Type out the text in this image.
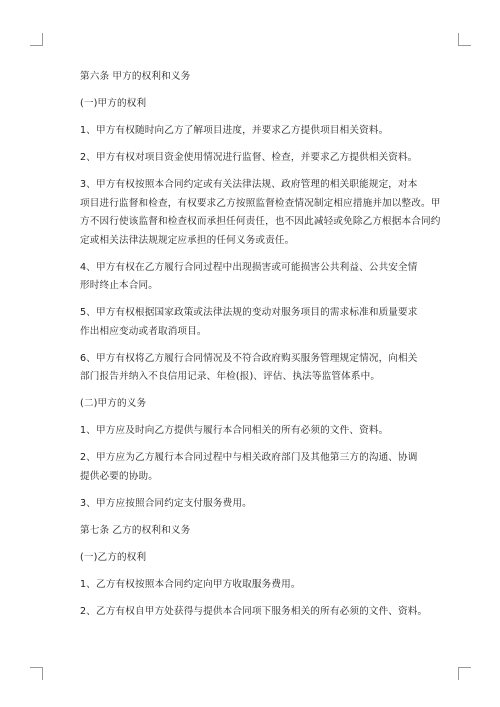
第六条 甲方的权利和义务

(一)甲方的权利

1、甲方有权随时向乙方了解项目进度，并要求乙方提供项目相关资料。

2、甲方有权对项目资金使用情况进行监督、检查，并要求乙方提供相关资料。

3、甲方有权按照本合同约定或有关法律法规、政府管理的相关职能规定，对本

项目进行监督和检查，有权要求乙方按照监督检查情况制定相应措施并加以整改。甲

方不因行使该监督和检查权而承担任何责任，也不因此减轻或免除乙方根据本合同约

定或相关法律法规规定应承担的任何义务或责任。

4、甲方有权在乙方履行合同过程中出现损害或可能损害公共利益、公共安全情

形时终止本合同。

5、甲方有权根据国家政策或法律法规的变动对服务项目的需求标准和质量要求

作出相应变动或者取消项目。

6、甲方有权将乙方履行合同情况及不符合政府购买服务管理规定情况，向相关

部门报告并纳入不良信用记录、年检(报)、评估、执法等监管体系中。

(二)甲方的义务

1、甲方应及时向乙方提供与履行本合同相关的所有必须的文件、资料。

2、甲方应为乙方履行本合同过程中与相关政府部门及其他第三方的沟通、协调

提供必要的协助。

3、甲方应按照合同约定支付服务费用。

第七条 乙方的权利和义务

(一)乙方的权利

1、乙方有权按照本合同约定向甲方收取服务费用。

2、乙方有权自甲方处获得与提供本合同项下服务相关的所有必须的文件、资料。
